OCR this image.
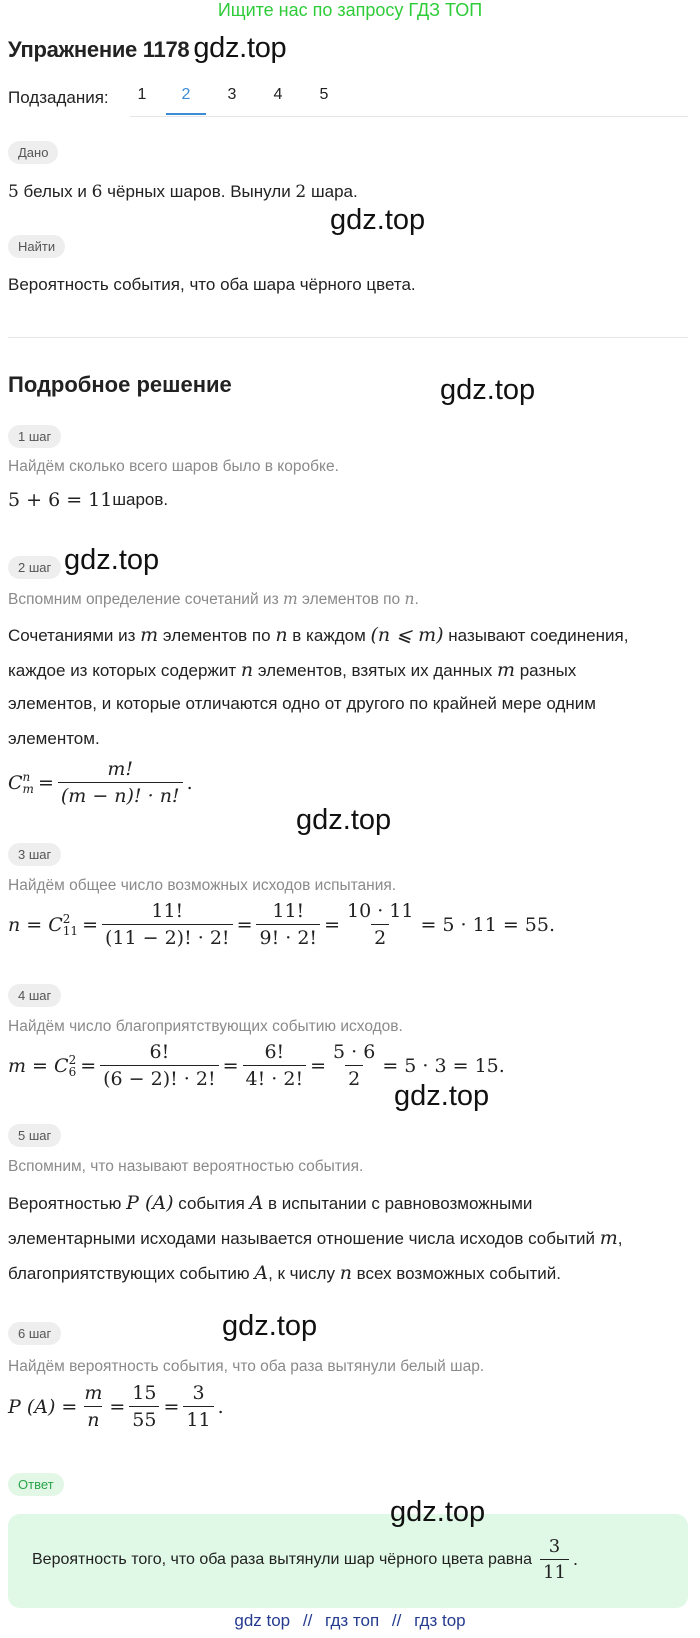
Ищите нас по запросу ГДЗ ТОП
Упражнение 1178 gdz.top
Подзадания:	1	2	3	4	5
Дано
5 белых и 6 чёрных шаров. Вынули 2 шара.
gdz.top
Найти
Вероятность события, что оба шара чёрного цвета.
Подробное решение	gdz.top
1 шаг
Найдём сколько всего шаров было в коробке.
5 + 6 = 11 шаров.
2 шаг gdz.top
Вспомним определение сочетаний из m элементов по n.
Сочетаниями из m элементов по n в каждом (n ⩽ m) называют соединения,
каждое из которых содержит n элементов, взятых их данных m разных
элементов, и которые отличаются одно от другого по крайней мере одним
элементом.
C n
$m = \frac{m!}{(m - n)! \cdot n!}$ .
gdz.top
3 шаг
Найдём общее число возможных исходов испытания.
n = C 2
$11 = \frac{11!}{(11 - 2)! \cdot 2!} = \frac{11!}{9! \cdot 2!} = \frac{10 \cdot 11}{2} = 5 \cdot 11 = 55$.
4 шаг
Найдём число благоприятствующих событию исходов.
m = C 2
$6 = \frac{6!}{(6 - 2)! \cdot 2!} = \frac{6!}{4! \cdot 2!} = \frac{5 \cdot 6}{2} = 5 \cdot 3 = 15$.
gdz.top
5 шаг
Вспомним, что называют вероятностью события.
Вероятностью P (A) события A в испытании с равновозможными
элементарными исходами называется отношение числа исходов событий m,
благоприятствующих событию A, к числу n всех возможных событий.
6 шаг	gdz.top
Найдём вероятность события, что оба раза вытянули белый шар.
P $(A) = \frac{m}{n} = \frac{15}{55} = \frac{3}{11}$ .
Ответ
gdz.top
Вероятность того, что оба раза вытянули шар чёрного цвета равна $\frac{3}{11}$ .
gdz top // гдз топ // гдз top
